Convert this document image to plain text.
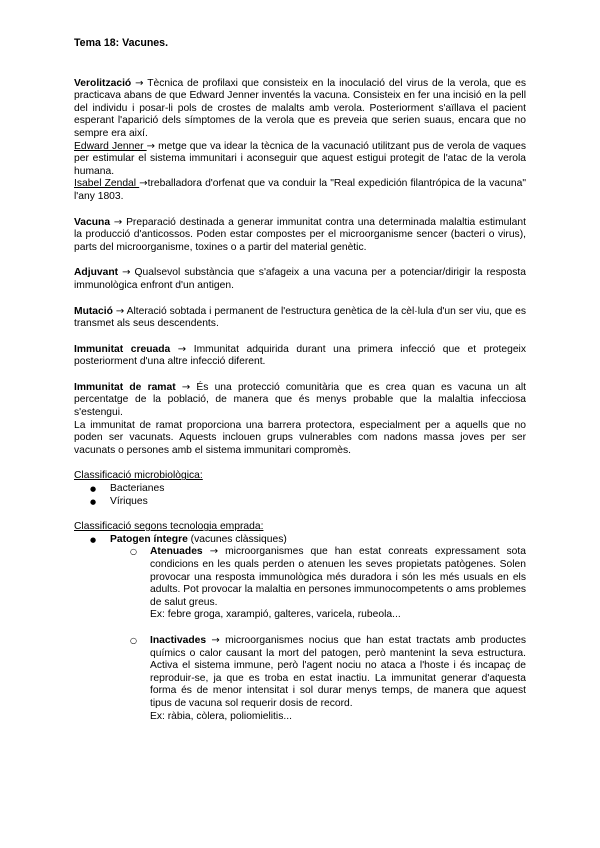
Tema 18: Vacunes.

Verolització → Tècnica de profilaxi que consisteix en la inoculació del virus de la verola, que es practicava abans de que Edward Jenner inventés la vacuna. Consisteix en fer una incisió en la pell del individu i posar-li pols de crostes de malalts amb verola. Posteriorment s'aïllava el pacient esperant l'aparició dels símptomes de la verola que es preveia que serien suaus, encara que no sempre era així.

Edward Jenner → metge que va idear la tècnica de la vacunació utilitzant pus de verola de vaques per estimular el sistema immunitari i aconseguir que aquest estigui protegit de l'atac de la verola humana.

Isabel Zendal →treballadora d'orfenat que va conduir la "Real expedición filantrópica de la vacuna" l'any 1803.

Vacuna → Preparació destinada a generar immunitat contra una determinada malaltia estimulant la producció d'anticossos. Poden estar compostes per el microorganisme sencer (bacteri o virus), parts del microorganisme, toxines o a partir del material genètic.

Adjuvant → Qualsevol substància que s'afageix a una vacuna per a potenciar/dirigir la resposta immunològica enfront d'un antigen.

Mutació → Alteració sobtada i permanent de l'estructura genètica de la cèl·lula d'un ser viu, que es transmet als seus descendents.

Immunitat creuada → Immunitat adquirida durant una primera infecció que et protegeix posteriorment d'una altre infecció diferent.

Immunitat de ramat → És una protecció comunitària que es crea quan es vacuna un alt percentatge de la població, de manera que és menys probable que la malaltia infecciosa s'estengui.

La immunitat de ramat proporciona una barrera protectora, especialment per a aquells que no poden ser vacunats. Aquests inclouen grups vulnerables com nadons massa joves per ser vacunats o persones amb el sistema immunitari compromès.

Classificació microbiològica:

● Bacterianes
● Víriques

Classificació segons tecnologia emprada:

● Patogen íntegre (vacunes clàssiques)

○ Atenuades → microorganismes que han estat conreats expressament sota condicions en les quals perden o atenuen les seves propietats patògenes. Solen provocar una resposta immunològica més duradora i són les més usuals en els adults. Pot provocar la malaltia en persones immunocompetents o ams problemes de salut greus.

Ex: febre groga, xarampió, galteres, varicela, rubeola...

○ Inactivades → microorganismes nocius que han estat tractats amb productes químics o calor causant la mort del patogen, però mantenint la seva estructura. Activa el sistema immune, però l'agent nociu no ataca a l'hoste i és incapaç de reproduir-se, ja que es troba en estat inactiu. La immunitat generar d'aquesta forma és de menor intensitat i sol durar menys temps, de manera que aquest tipus de vacuna sol requerir dosis de record.

Ex: ràbia, còlera, poliomielitis...
